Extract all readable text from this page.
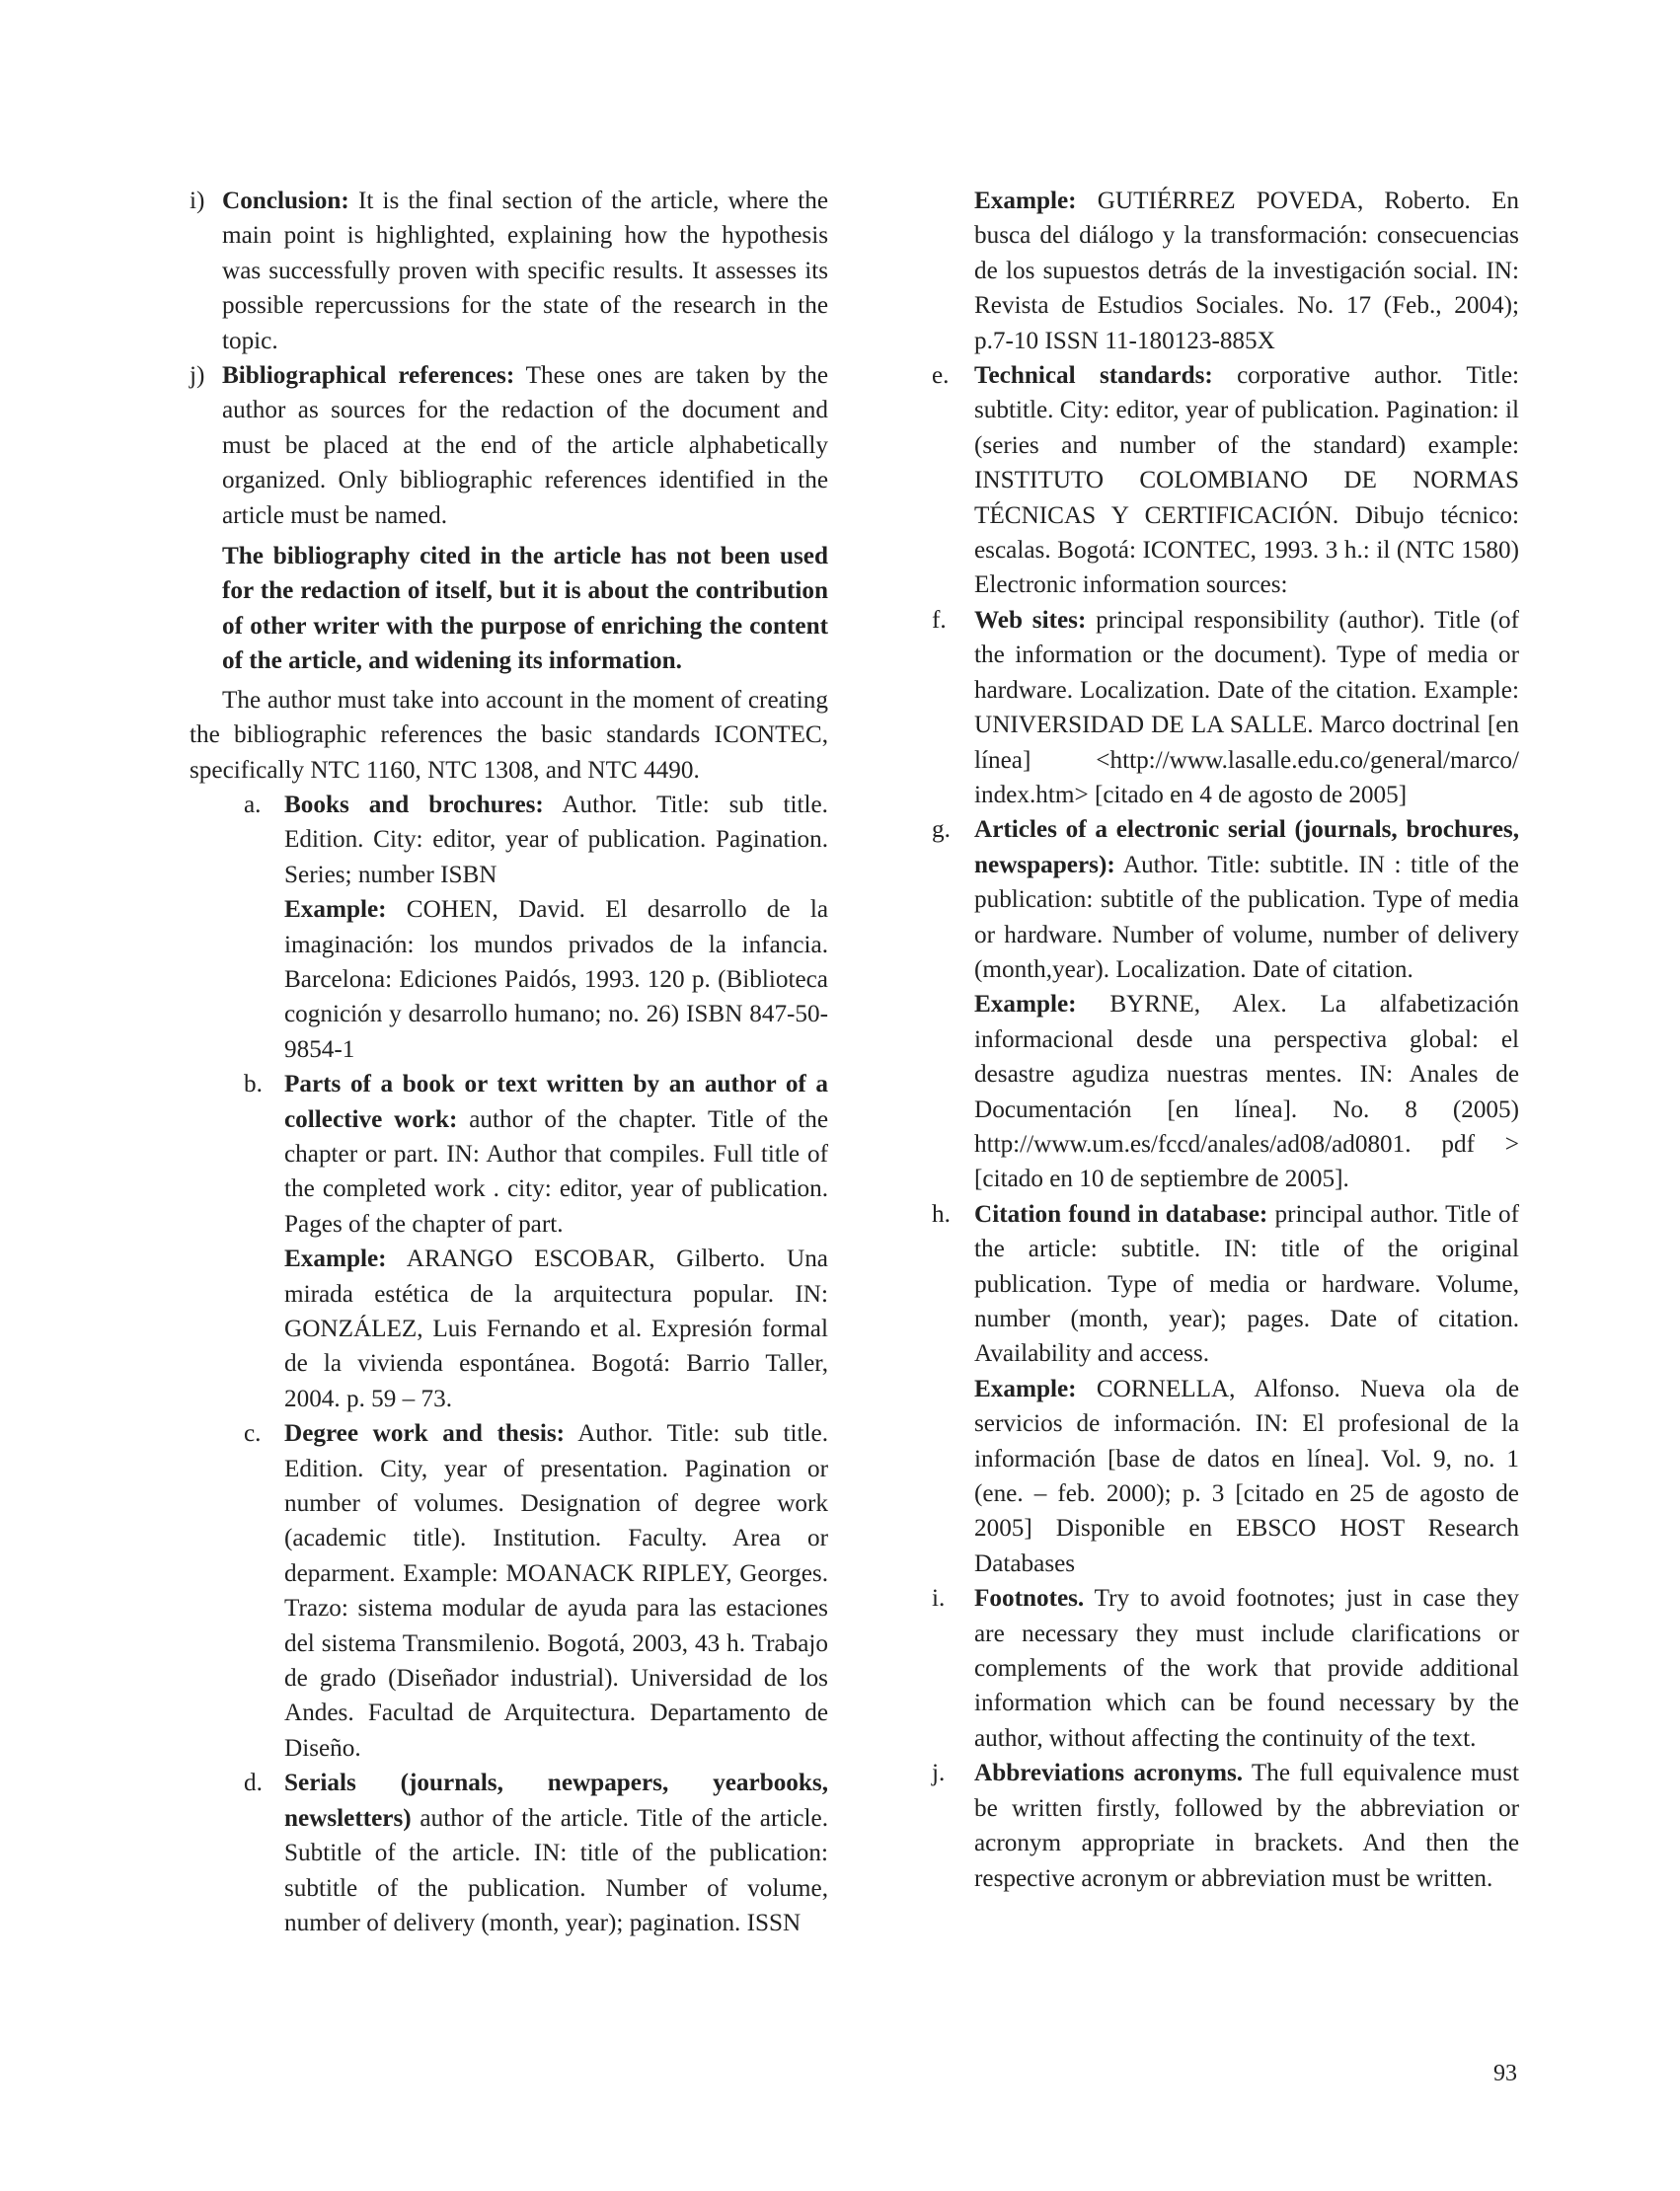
i) Conclusion: It is the final section of the article, where the main point is highlighted, explaining how the hypothesis was successfully proven with specific results. It assesses its possible repercussions for the state of the research in the topic.

j) Bibliographical references: These ones are taken by the author as sources for the redaction of the document and must be placed at the end of the article alphabetically organized. Only bibliographic references identified in the article must be named.

The bibliography cited in the article has not been used for the redaction of itself, but it is about the contribution of other writer with the purpose of enriching the content of the article, and widening its information.

The author must take into account in the moment of creating the bibliographic references the basic standards ICONTEC, specifically NTC 1160, NTC 1308, and NTC 4490.

a. Books and brochures: Author. Title: sub title. Edition. City: editor, year of publication. Pagination. Series; number ISBN

Example: COHEN, David. El desarrollo de la imaginación: los mundos privados de la infancia. Barcelona: Ediciones Paidós, 1993. 120 p. (Biblioteca cognición y desarrollo humano; no. 26) ISBN 847-50-9854-1

b. Parts of a book or text written by an author of a collective work: author of the chapter. Title of the chapter or part. IN: Author that compiles. Full title of the completed work . city: editor, year of publication. Pages of the chapter of part.

Example: ARANGO ESCOBAR, Gilberto. Una mirada estética de la arquitectura popular. IN: GONZÁLEZ, Luis Fernando et al. Expresión formal de la vivienda espontánea. Bogotá: Barrio Taller, 2004. p. 59 – 73.

c. Degree work and thesis: Author. Title: sub title. Edition. City, year of presentation. Pagination or number of volumes. Designation of degree work (academic title). Institution. Faculty. Area or deparment. Example: MOANACK RIPLEY, Georges. Trazo: sistema modular de ayuda para las estaciones del sistema Transmilenio. Bogotá, 2003, 43 h. Trabajo de grado (Diseñador industrial). Universidad de los Andes. Facultad de Arquitectura. Departamento de Diseño.

d. Serials (journals, newpapers, yearbooks, newsletters) author of the article. Title of the article. Subtitle of the article. IN: title of the publication: subtitle of the publication. Number of volume, number of delivery (month, year); pagination. ISSN

Example: GUTIÉRREZ POVEDA, Roberto. En busca del diálogo y la transformación: consecuencias de los supuestos detrás de la investigación social. IN: Revista de Estudios Sociales. No. 17 (Feb., 2004); p.7-10 ISSN 11-180123-885X

e. Technical standards: corporative author. Title: subtitle. City: editor, year of publication. Pagination: il (series and number of the standard) example: INSTITUTO COLOMBIANO DE NORMAS TÉCNICAS Y CERTIFICACIÓN. Dibujo técnico: escalas. Bogotá: ICONTEC, 1993. 3 h.: il (NTC 1580) Electronic information sources:

f. Web sites: principal responsibility (author). Title (of the information or the document). Type of media or hardware. Localization. Date of the citation. Example: UNIVERSIDAD DE LA SALLE. Marco doctrinal [en línea] <http://www.lasalle.edu.co/general/marco/ index.htm> [citado en 4 de agosto de 2005]

g. Articles of a electronic serial (journals, brochures, newspapers): Author. Title: subtitle. IN : title of the publication: subtitle of the publication. Type of media or hardware. Number of volume, number of delivery (month,year). Localization. Date of citation.

Example: BYRNE, Alex. La alfabetización informacional desde una perspectiva global: el desastre agudiza nuestras mentes. IN: Anales de Documentación [en línea]. No. 8 (2005) http://www.um.es/fccd/anales/ad08/ad0801. pdf > [citado en 10 de septiembre de 2005].

h. Citation found in database: principal author. Title of the article: subtitle. IN: title of the original publication. Type of media or hardware. Volume, number (month, year); pages. Date of citation. Availability and access.

Example: CORNELLA, Alfonso. Nueva ola de servicios de información. IN: El profesional de la información [base de datos en línea]. Vol. 9, no. 1 (ene. – feb. 2000); p. 3 [citado en 25 de agosto de 2005] Disponible en EBSCO HOST Research Databases

i. Footnotes. Try to avoid footnotes; just in case they are necessary they must include clarifications or complements of the work that provide additional information which can be found necessary by the author, without affecting the continuity of the text.

j. Abbreviations acronyms. The full equivalence must be written firstly, followed by the abbreviation or acronym appropriate in brackets. And then the respective acronym or abbreviation must be written.

93
